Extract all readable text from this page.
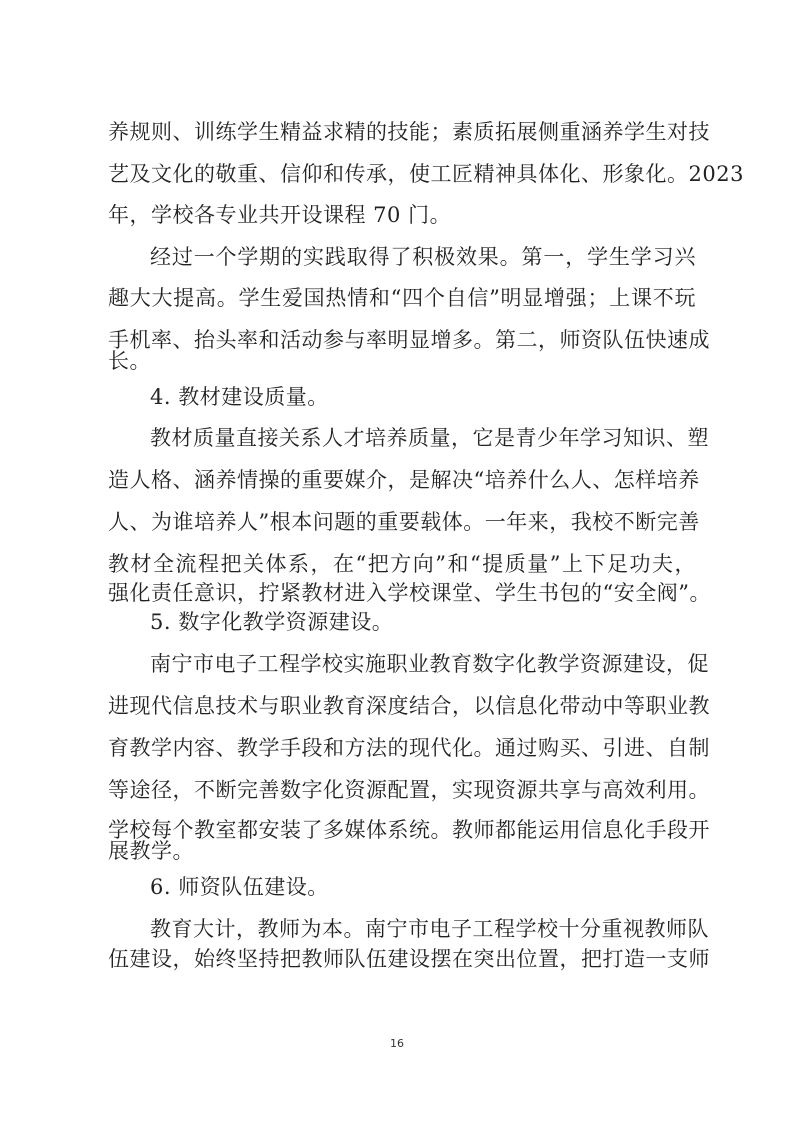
养规则、训练学生精益求精的技能；素质拓展侧重涵养学生对技
艺及文化的敬重、信仰和传承，使工匠精神具体化、形象化。2023
年，学校各专业共开设课程 70 门。
经过一个学期的实践取得了积极效果。第一，学生学习兴
趣大大提高。学生爱国热情和“四个自信”明显增强；上课不玩
手机率、抬头率和活动参与率明显增多。第二，师资队伍快速成
长。
4. 教材建设质量。
教材质量直接关系人才培养质量，它是青少年学习知识、塑
造人格、涵养情操的重要媒介，是解决“培养什么人、怎样培养
人、为谁培养人”根本问题的重要载体。一年来，我校不断完善
教材全流程把关体系，在“把方向”和“提质量”上下足功夫，
强化责任意识，拧紧教材进入学校课堂、学生书包的“安全阀”。
5. 数字化教学资源建设。
南宁市电子工程学校实施职业教育数字化教学资源建设，促
进现代信息技术与职业教育深度结合，以信息化带动中等职业教
育教学内容、教学手段和方法的现代化。通过购买、引进、自制
等途径，不断完善数字化资源配置，实现资源共享与高效利用。
学校每个教室都安装了多媒体系统。教师都能运用信息化手段开
展教学。
6. 师资队伍建设。
教育大计，教师为本。南宁市电子工程学校十分重视教师队
伍建设，始终坚持把教师队伍建设摆在突出位置，把打造一支师
16
